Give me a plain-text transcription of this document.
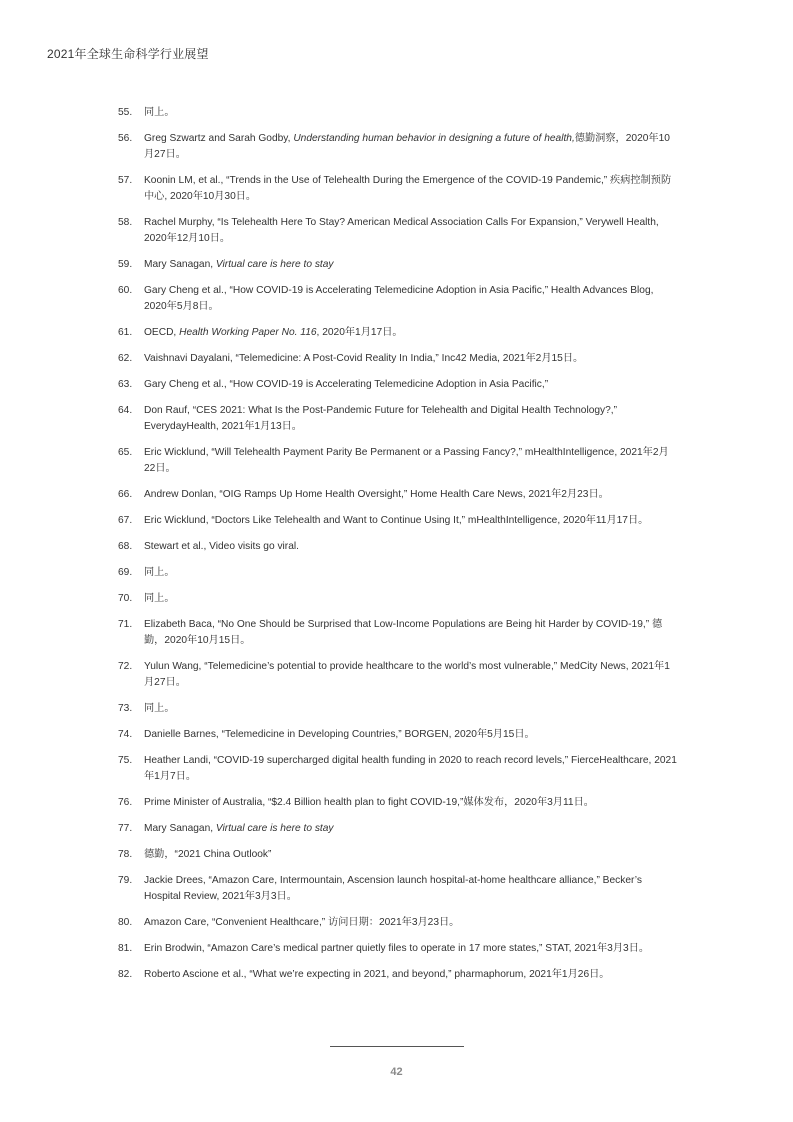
2021年全球生命科学行业展望
55. 同上。
56. Greg Szwartz and Sarah Godby, Understanding human behavior in designing a future of health,德勤洞察，2020年10月27日。
57. Koonin LM, et al., “Trends in the Use of Telehealth During the Emergence of the COVID-19 Pandemic,” 疾病控制预防中心, 2020年10月30日。
58. Rachel Murphy, “Is Telehealth Here To Stay? American Medical Association Calls For Expansion,” Verywell Health, 2020年12月10日。
59. Mary Sanagan, Virtual care is here to stay
60. Gary Cheng et al., “How COVID-19 is Accelerating Telemedicine Adoption in Asia Pacific,” Health Advances Blog, 2020年5月8日。
61. OECD, Health Working Paper No. 116, 2020年1月17日。
62. Vaishnavi Dayalani, “Telemedicine: A Post-Covid Reality In India,” Inc42 Media, 2021年2月15日。
63. Gary Cheng et al., “How COVID-19 is Accelerating Telemedicine Adoption in Asia Pacific,”
64. Don Rauf, “CES 2021: What Is the Post-Pandemic Future for Telehealth and Digital Health Technology?,” EverydayHealth, 2021年1月13日。
65. Eric Wicklund, “Will Telehealth Payment Parity Be Permanent or a Passing Fancy?,” mHealthIntelligence, 2021年2月22日。
66. Andrew Donlan, “OIG Ramps Up Home Health Oversight,” Home Health Care News, 2021年2月23日。
67. Eric Wicklund, “Doctors Like Telehealth and Want to Continue Using It,” mHealthIntelligence, 2020年11月17日。
68. Stewart et al., Video visits go viral.
69. 同上。
70. 同上。
71. Elizabeth Baca, “No One Should be Surprised that Low-Income Populations are Being hit Harder by COVID-19,” 德勤，2020年10月15日。
72. Yulun Wang, “Telemedicine’s potential to provide healthcare to the world’s most vulnerable,” MedCity News, 2021年1月27日。
73. 同上。
74. Danielle Barnes, “Telemedicine in Developing Countries,” BORGEN, 2020年5月15日。
75. Heather Landi, “COVID-19 supercharged digital health funding in 2020 to reach record levels,” FierceHealthcare, 2021年1月7日。
76. Prime Minister of Australia, “$2.4 Billion health plan to fight COVID-19,”媒体发布，2020年3月11日。
77. Mary Sanagan, Virtual care is here to stay
78. 德勤，“2021 China Outlook”
79. Jackie Drees, “Amazon Care, Intermountain, Ascension launch hospital-at-home healthcare alliance,” Becker’s Hospital Review, 2021年3月3日。
80. Amazon Care, “Convenient Healthcare,” 访问日期：2021年3月23日。
81. Erin Brodwin, “Amazon Care’s medical partner quietly files to operate in 17 more states,” STAT, 2021年3月3日。
82. Roberto Ascione et al., “What we’re expecting in 2021, and beyond,” pharmaphorum, 2021年1月26日。
42
